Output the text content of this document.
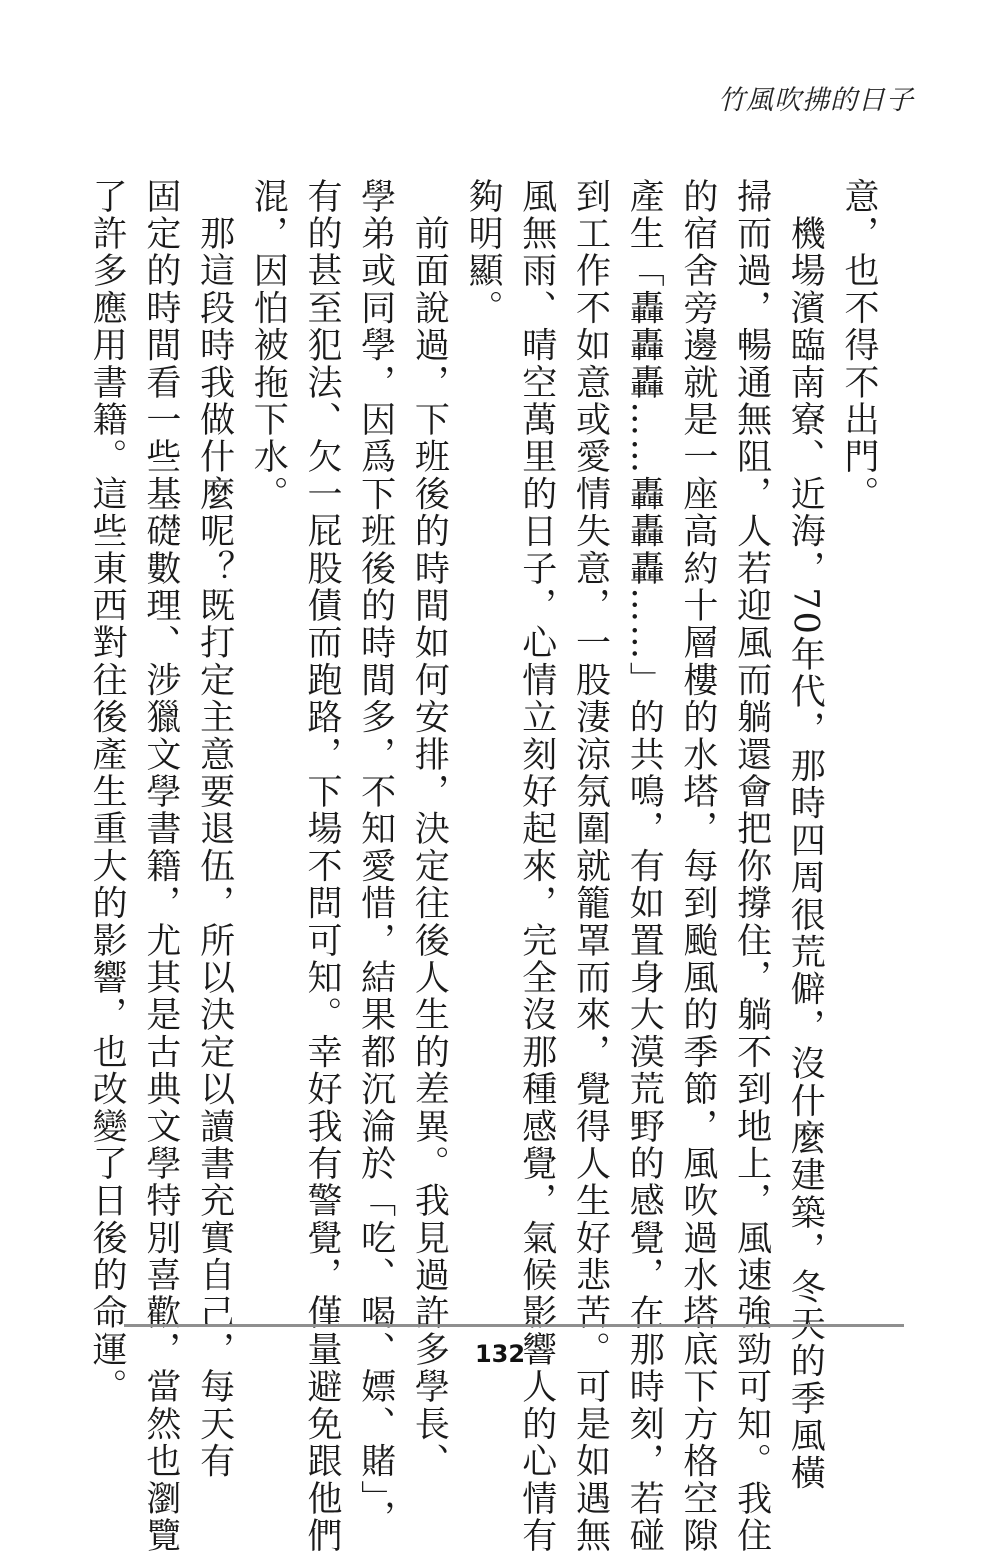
竹風吹拂的日子

意，也不得不出門。

　機場濱臨南寮、近海，70年代，那時四周很荒僻，沒什麼建築，冬天的季風橫

掃而過，暢通無阻，人若迎風而躺還會把你撐住，躺不到地上，風速強勁可知。我住

的宿舍旁邊就是一座高約十層樓的水塔，每到颱風的季節，風吹過水塔底下方格空隙

產生「轟轟轟……轟轟轟……」的共鳴，有如置身大漠荒野的感覺，在那時刻，若碰

到工作不如意或愛情失意，一股淒涼氛圍就籠罩而來，覺得人生好悲苦。可是如遇無

風無雨、晴空萬里的日子，心情立刻好起來，完全沒那種感覺，氣候影響人的心情有

夠明顯。

　前面說過，下班後的時間如何安排，決定往後人生的差異。我見過許多學長、

學弟或同學，因爲下班後的時間多，不知愛惜，結果都沉淪於「吃、喝、嫖、賭」，

有的甚至犯法、欠一屁股債而跑路，下場不問可知。幸好我有警覺，僅量避免跟他們

混，因怕被拖下水。

　那這段時我做什麼呢？既打定主意要退伍，所以決定以讀書充實自己，每天有

固定的時間看一些基礎數理、涉獵文學書籍，尤其是古典文學特別喜歡，當然也瀏覽

了許多應用書籍。這些東西對往後產生重大的影響，也改變了日後的命運。	132
